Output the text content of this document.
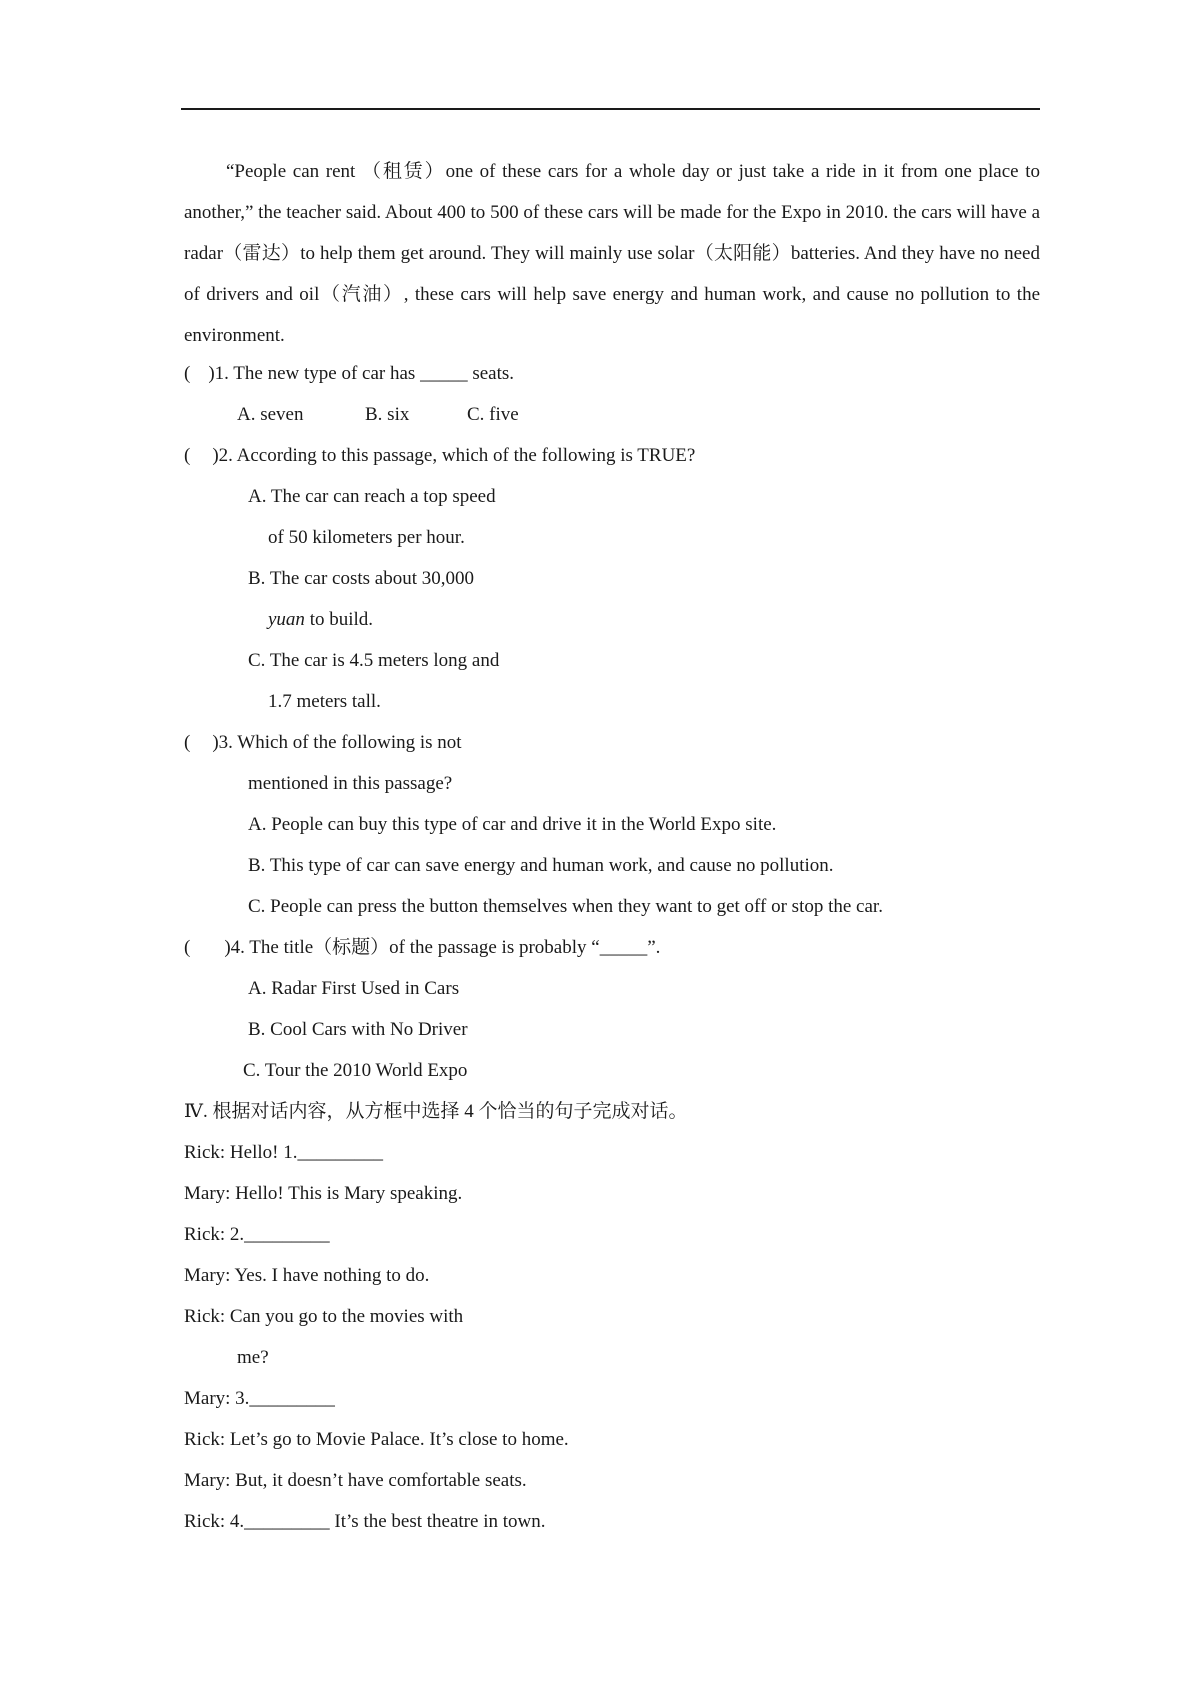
“People can rent （租赁）one of these cars for a whole day or just take a ride in it from one place to another,” the teacher said. About 400 to 500 of these cars will be made for the Expo in 2010. the cars will have a radar（雷达）to help them get around. They will mainly use solar（太阳能）batteries. And they have no need of drivers and oil（汽油）, these cars will help save energy and human work, and cause no pollution to the environment.

( )1. The new type of car has _____ seats.
A. seven	B. six	C. five
( )2. According to this passage, which of the following is TRUE?
A. The car can reach a top speed
of 50 kilometers per hour.
B. The car costs about 30,000
yuan to build.
C. The car is 4.5 meters long and
1.7 meters tall.
( )3. Which of the following is not
mentioned in this passage?
A. People can buy this type of car and drive it in the World Expo site.
B. This type of car can save energy and human work, and cause no pollution.
C. People can press the button themselves when they want to get off or stop the car.
( )4. The title（标题）of the passage is probably “_____”.
A. Radar First Used in Cars
B. Cool Cars with No Driver
C. Tour the 2010 World Expo
Ⅳ. 根据对话内容，从方框中选择 4 个恰当的句子完成对话。
Rick: Hello! 1._________
Mary: Hello! This is Mary speaking.
Rick: 2._________
Mary: Yes. I have nothing to do.
Rick: Can you go to the movies with
me?
Mary: 3._________
Rick: Let’s go to Movie Palace. It’s close to home.
Mary: But, it doesn’t have comfortable seats.
Rick: 4._________ It’s the best theatre in town.
